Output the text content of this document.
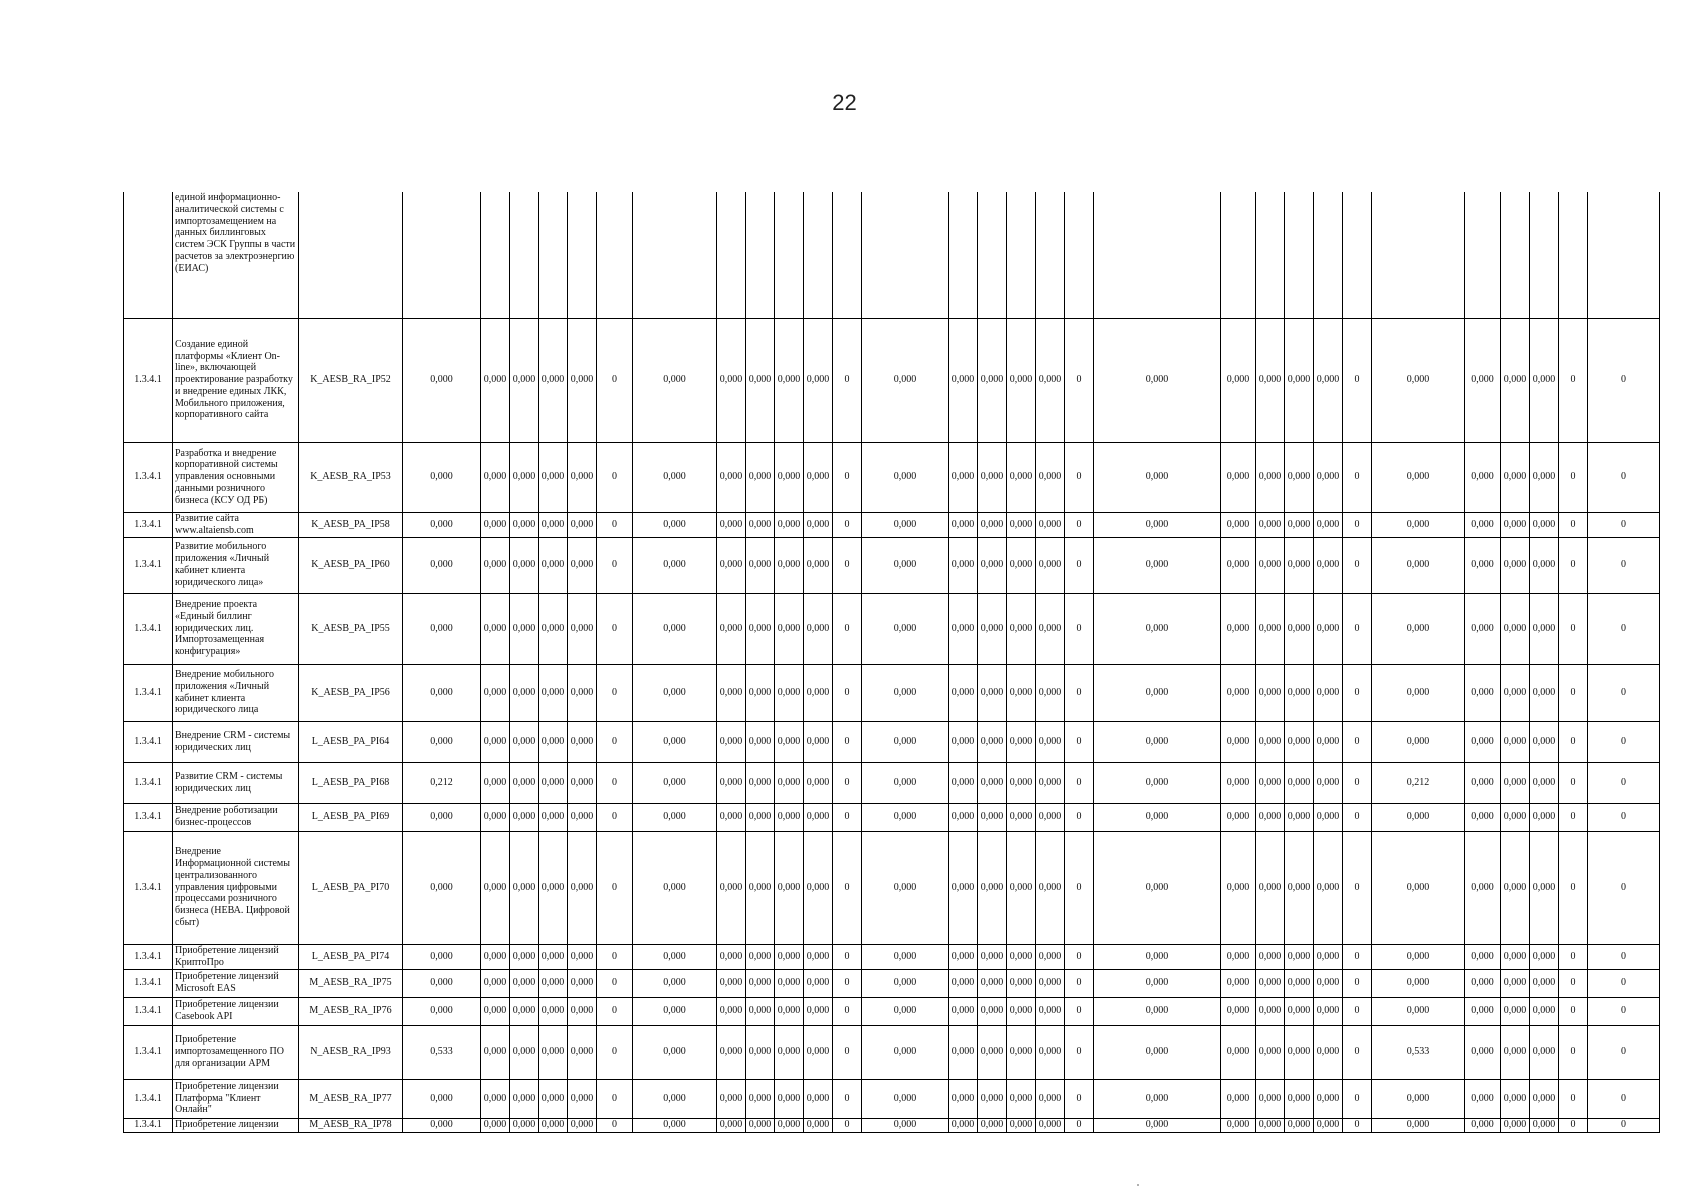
22
	единой информационно-аналитической системы с импортозамещением на данных биллинговых систем ЭСК Группы в части расчетов за электроэнергию (ЕИАС)																															
1.3.4.1	Создание единой платформы «Клиент On-line», включающей проектирование разработку и внедрение единых ЛКК, Мобильного приложения, корпоративного сайта	K_AESB_RA_IP52	0,000	0,000	0,000	0,000	0,000	0	0,000	0,000	0,000	0,000	0,000	0	0,000	0,000	0,000	0,000	0,000	0	0,000	0,000	0,000	0,000	0,000	0	0,000	0,000	0,000	0,000	0	0
1.3.4.1	Разработка и внедрение корпоративной системы управления основными данными розничного бизнеса (КСУ ОД РБ)	K_AESB_RA_IP53	0,000	0,000	0,000	0,000	0,000	0	0,000	0,000	0,000	0,000	0,000	0	0,000	0,000	0,000	0,000	0,000	0	0,000	0,000	0,000	0,000	0,000	0	0,000	0,000	0,000	0,000	0	0
1.3.4.1	Развитие сайта www.altaiensb.com	K_AESB_PA_IP58	0,000	0,000	0,000	0,000	0,000	0	0,000	0,000	0,000	0,000	0,000	0	0,000	0,000	0,000	0,000	0,000	0	0,000	0,000	0,000	0,000	0,000	0	0,000	0,000	0,000	0,000	0	0
1.3.4.1	Развитие мобильного приложения «Личный кабинет клиента юридического лица»	K_AESB_PA_IP60	0,000	0,000	0,000	0,000	0,000	0	0,000	0,000	0,000	0,000	0,000	0	0,000	0,000	0,000	0,000	0,000	0	0,000	0,000	0,000	0,000	0,000	0	0,000	0,000	0,000	0,000	0	0
1.3.4.1	Внедрение проекта «Единый биллинг юридических лиц. Импортозамещенная конфигурация»	K_AESB_PA_IP55	0,000	0,000	0,000	0,000	0,000	0	0,000	0,000	0,000	0,000	0,000	0	0,000	0,000	0,000	0,000	0,000	0	0,000	0,000	0,000	0,000	0,000	0	0,000	0,000	0,000	0,000	0	0
1.3.4.1	Внедрение мобильного приложения «Личный кабинет клиента юридического лица	K_AESB_PA_IP56	0,000	0,000	0,000	0,000	0,000	0	0,000	0,000	0,000	0,000	0,000	0	0,000	0,000	0,000	0,000	0,000	0	0,000	0,000	0,000	0,000	0,000	0	0,000	0,000	0,000	0,000	0	0
1.3.4.1	Внедрение CRM - системы юридических лиц	L_AESB_PA_PI64	0,000	0,000	0,000	0,000	0,000	0	0,000	0,000	0,000	0,000	0,000	0	0,000	0,000	0,000	0,000	0,000	0	0,000	0,000	0,000	0,000	0,000	0	0,000	0,000	0,000	0,000	0	0
1.3.4.1	Развитие CRM - системы юридических лиц	L_AESB_PA_PI68	0,212	0,000	0,000	0,000	0,000	0	0,000	0,000	0,000	0,000	0,000	0	0,000	0,000	0,000	0,000	0,000	0	0,000	0,000	0,000	0,000	0,000	0	0,212	0,000	0,000	0,000	0	0
1.3.4.1	Внедрение роботизации бизнес-процессов	L_AESB_PA_PI69	0,000	0,000	0,000	0,000	0,000	0	0,000	0,000	0,000	0,000	0,000	0	0,000	0,000	0,000	0,000	0,000	0	0,000	0,000	0,000	0,000	0,000	0	0,000	0,000	0,000	0,000	0	0
1.3.4.1	Внедрение Информационной системы централизованного управления цифровыми процессами розничного бизнеса (НЕВА. Цифровой сбыт)	L_AESB_PA_PI70	0,000	0,000	0,000	0,000	0,000	0	0,000	0,000	0,000	0,000	0,000	0	0,000	0,000	0,000	0,000	0,000	0	0,000	0,000	0,000	0,000	0,000	0	0,000	0,000	0,000	0,000	0	0
1.3.4.1	Приобретение лицензий КриптоПро	L_AESB_PA_PI74	0,000	0,000	0,000	0,000	0,000	0	0,000	0,000	0,000	0,000	0,000	0	0,000	0,000	0,000	0,000	0,000	0	0,000	0,000	0,000	0,000	0,000	0	0,000	0,000	0,000	0,000	0	0
1.3.4.1	Приобретение лицензий Microsoft EAS	M_AESB_RA_IP75	0,000	0,000	0,000	0,000	0,000	0	0,000	0,000	0,000	0,000	0,000	0	0,000	0,000	0,000	0,000	0,000	0	0,000	0,000	0,000	0,000	0,000	0	0,000	0,000	0,000	0,000	0	0
1.3.4.1	Приобретение лицензии Casebook API	M_AESB_RA_IP76	0,000	0,000	0,000	0,000	0,000	0	0,000	0,000	0,000	0,000	0,000	0	0,000	0,000	0,000	0,000	0,000	0	0,000	0,000	0,000	0,000	0,000	0	0,000	0,000	0,000	0,000	0	0
1.3.4.1	Приобретение импортозамещенного ПО для организации АРМ	N_AESB_RA_IP93	0,533	0,000	0,000	0,000	0,000	0	0,000	0,000	0,000	0,000	0,000	0	0,000	0,000	0,000	0,000	0,000	0	0,000	0,000	0,000	0,000	0,000	0	0,533	0,000	0,000	0,000	0	0
1.3.4.1	Приобретение лицензии Платформа "Клиент Онлайн"	M_AESB_RA_IP77	0,000	0,000	0,000	0,000	0,000	0	0,000	0,000	0,000	0,000	0,000	0	0,000	0,000	0,000	0,000	0,000	0	0,000	0,000	0,000	0,000	0,000	0	0,000	0,000	0,000	0,000	0	0
1.3.4.1	Приобретение лицензии	M_AESB_RA_IP78	0,000	0,000	0,000	0,000	0,000	0	0,000	0,000	0,000	0,000	0,000	0	0,000	0,000	0,000	0,000	0,000	0	0,000	0,000	0,000	0,000	0,000	0	0,000	0,000	0,000	0,000	0	0
